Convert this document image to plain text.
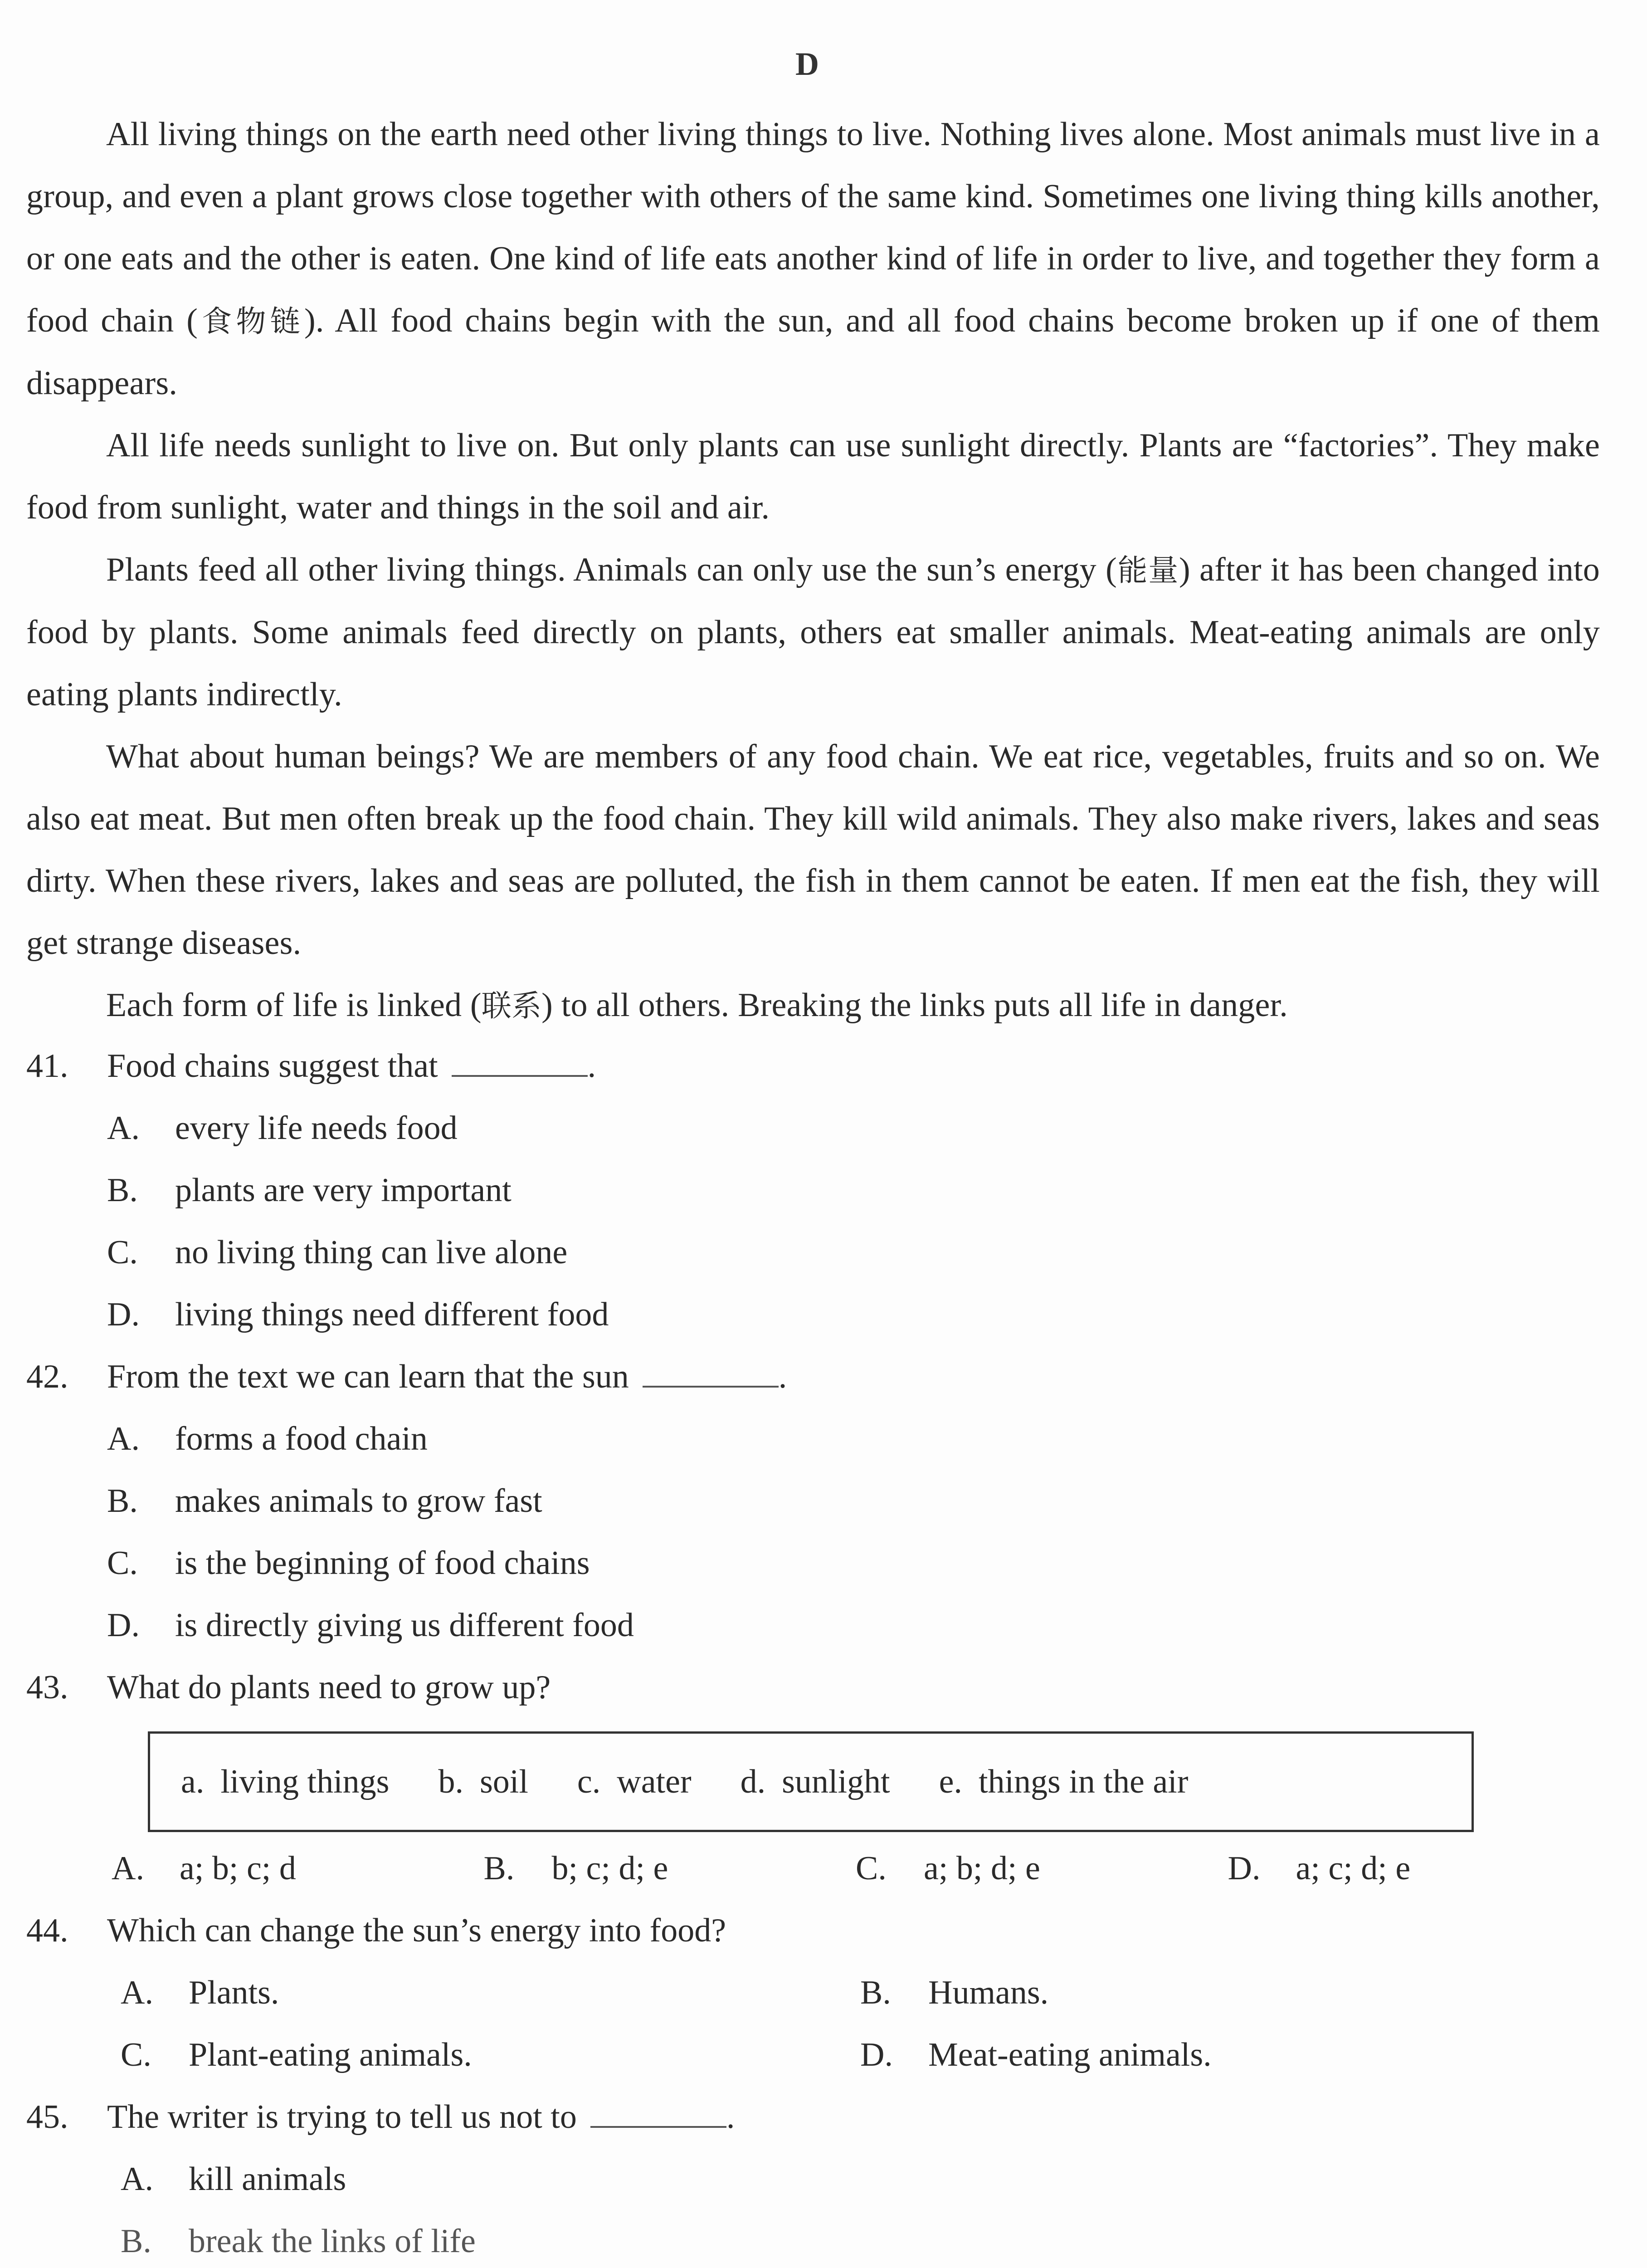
D

All living things on the earth need other living things to live. Nothing lives alone. Most animals must live in a group, and even a plant grows close together with others of the same kind. Sometimes one living thing kills another, or one eats and the other is eaten. One kind of life eats another kind of life in order to live, and together they form a food chain (食物链). All food chains begin with the sun, and all food chains become broken up if one of them disappears.

All life needs sunlight to live on. But only plants can use sunlight directly. Plants are “factories”. They make food from sunlight, water and things in the soil and air.

Plants feed all other living things. Animals can only use the sun’s energy (能量) after it has been changed into food by plants. Some animals feed directly on plants, others eat smaller animals. Meat-eating animals are only eating plants indirectly.

What about human beings? We are members of any food chain. We eat rice, vegetables, fruits and so on. We also eat meat. But men often break up the food chain. They kill wild animals. They also make rivers, lakes and seas dirty. When these rivers, lakes and seas are polluted, the fish in them cannot be eaten. If men eat the fish, they will get strange diseases.

Each form of life is linked (联系) to all others. Breaking the links puts all life in danger.

41. Food chains suggest that	.
A. every life needs food
B. plants are very important
C. no living thing can live alone
D. living things need different food
42. From the text we can learn that the sun	.
A. forms a food chain
B. makes animals to grow fast
C. is the beginning of food chains
D. is directly giving us different food
43. What do plants need to grow up?
a. living things b. soil c. water d. sunlight e. things in the air
A. a; b; c; d	B. b; c; d; e	C. a; b; d; e	D. a; c; d; e
44. Which can change the sun’s energy into food?
A. Plants.	B. Humans.
C. Plant-eating animals.	D. Meat-eating animals.
45. The writer is trying to tell us not to	.
A. kill animals
B. break the links of life
